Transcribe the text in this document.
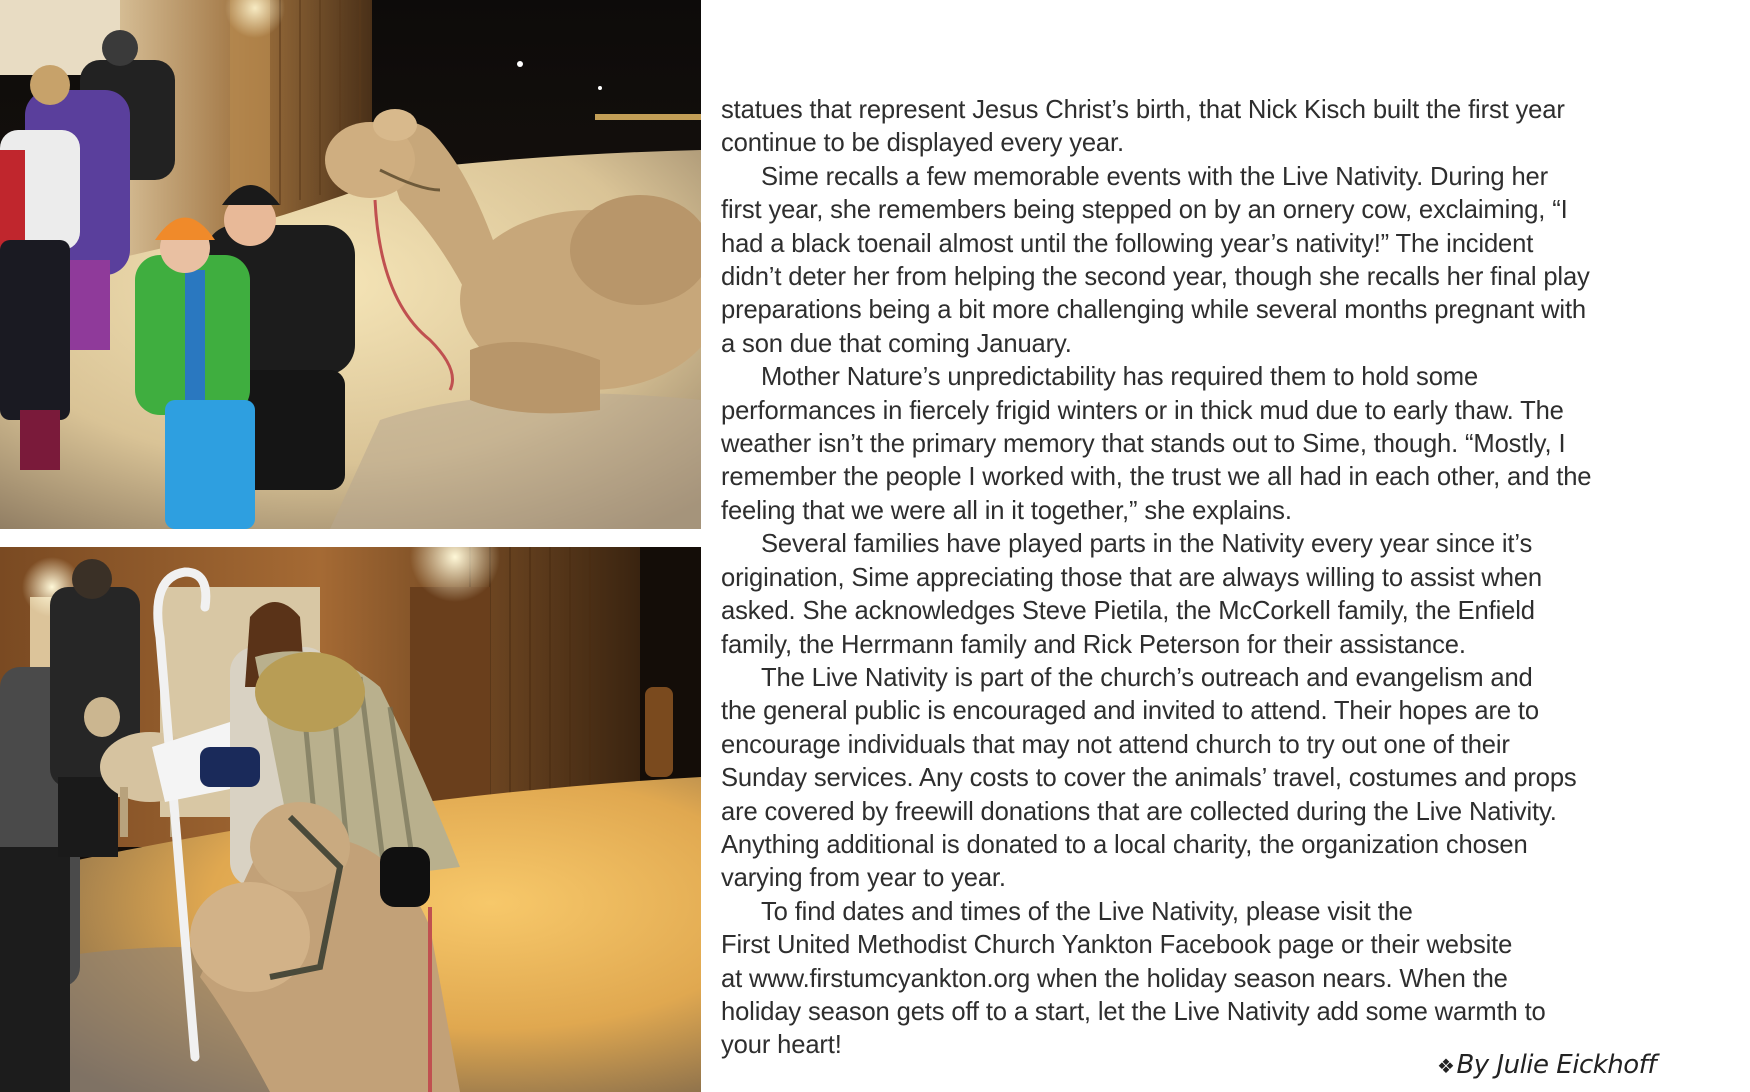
statues that represent Jesus Christ’s birth, that Nick Kisch built the first year
continue to be displayed every year.

Sime recalls a few memorable events with the Live Nativity. During her
first year, she remembers being stepped on by an ornery cow, exclaiming, “I
had a black toenail almost until the following year’s nativity!” The incident
didn’t deter her from helping the second year, though she recalls her final play
preparations being a bit more challenging while several months pregnant with
a son due that coming January.

Mother Nature’s unpredictability has required them to hold some
performances in fiercely frigid winters or in thick mud due to early thaw. The
weather isn’t the primary memory that stands out to Sime, though. “Mostly, I
remember the people I worked with, the trust we all had in each other, and the
feeling that we were all in it together,” she explains.

Several families have played parts in the Nativity every year since it’s
origination, Sime appreciating those that are always willing to assist when
asked. She acknowledges Steve Pietila, the McCorkell family, the Enfield
family, the Herrmann family and Rick Peterson for their assistance.

The Live Nativity is part of the church’s outreach and evangelism and
the general public is encouraged and invited to attend. Their hopes are to
encourage individuals that may not attend church to try out one of their
Sunday services. Any costs to cover the animals’ travel, costumes and props
are covered by freewill donations that are collected during the Live Nativity.
Anything additional is donated to a local charity, the organization chosen
varying from year to year.

To find dates and times of the Live Nativity, please visit the
First United Methodist Church Yankton Facebook page or their website
at www.firstumcyankton.org when the holiday season nears. When the
holiday season gets off to a start, let the Live Nativity add some warmth to
your heart!

❖By Julie Eickhoff
